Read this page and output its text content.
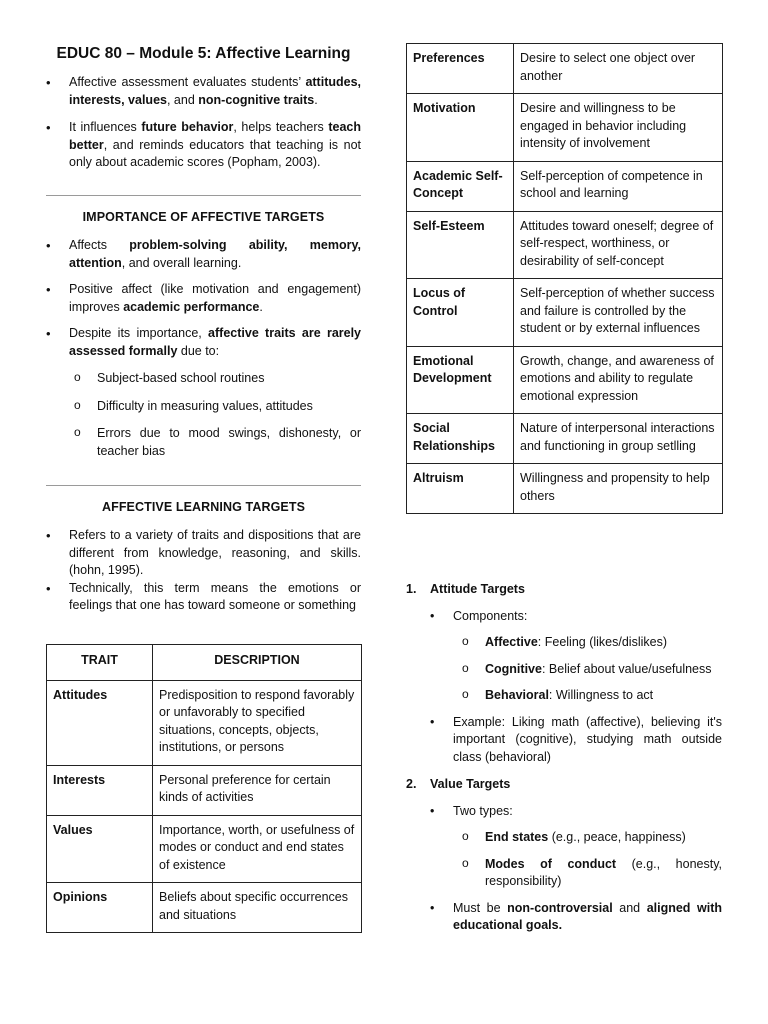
EDUC 80 – Module 5: Affective Learning
• Affective assessment evaluates students’ attitudes, interests, values, and non-cognitive traits.
• It influences future behavior, helps teachers teach better, and reminds educators that teaching is not only about academic scores (Popham, 2003).
IMPORTANCE OF AFFECTIVE TARGETS
• Affects problem-solving ability, memory, attention, and overall learning.
• Positive affect (like motivation and engagement) improves academic performance.
• Despite its importance, affective traits are rarely assessed formally due to:
o Subject-based school routines
o Difficulty in measuring values, attitudes
o Errors due to mood swings, dishonesty, or teacher bias
AFFECTIVE LEARNING TARGETS
• Refers to a variety of traits and dispositions that are different from knowledge, reasoning, and skills. (hohn, 1995).
• Technically, this term means the emotions or feelings that one has toward someone or something
TRAIT	DESCRIPTION
Attitudes	Predisposition to respond favorably or unfavorably to specified situations, concepts, objects, institutions, or persons
Interests	Personal preference for certain kinds of activities
Values	Importance, worth, or usefulness of modes or conduct and end states of existence
Opinions	Beliefs about specific occurrences and situations
Preferences	Desire to select one object over another
Motivation	Desire and willingness to be engaged in behavior including intensity of involvement
Academic Self-Concept	Self-perception of competence in school and learning
Self-Esteem	Attitudes toward oneself; degree of self-respect, worthiness, or desirability of self-concept
Locus of Control	Self-perception of whether success and failure is controlled by the student or by external influences
Emotional Development	Growth, change, and awareness of emotions and ability to regulate emotional expression
Social Relationships	Nature of interpersonal interactions and functioning in group setlling
Altruism	Willingness and propensity to help others
1. Attitude Targets
• Components:
o Affective: Feeling (likes/dislikes)
o Cognitive: Belief about value/usefulness
o Behavioral: Willingness to act
• Example: Liking math (affective), believing it's important (cognitive), studying math outside class (behavioral)
2. Value Targets
• Two types:
o End states (e.g., peace, happiness)
o Modes of conduct (e.g., honesty, responsibility)
• Must be non-controversial and aligned with educational goals.
